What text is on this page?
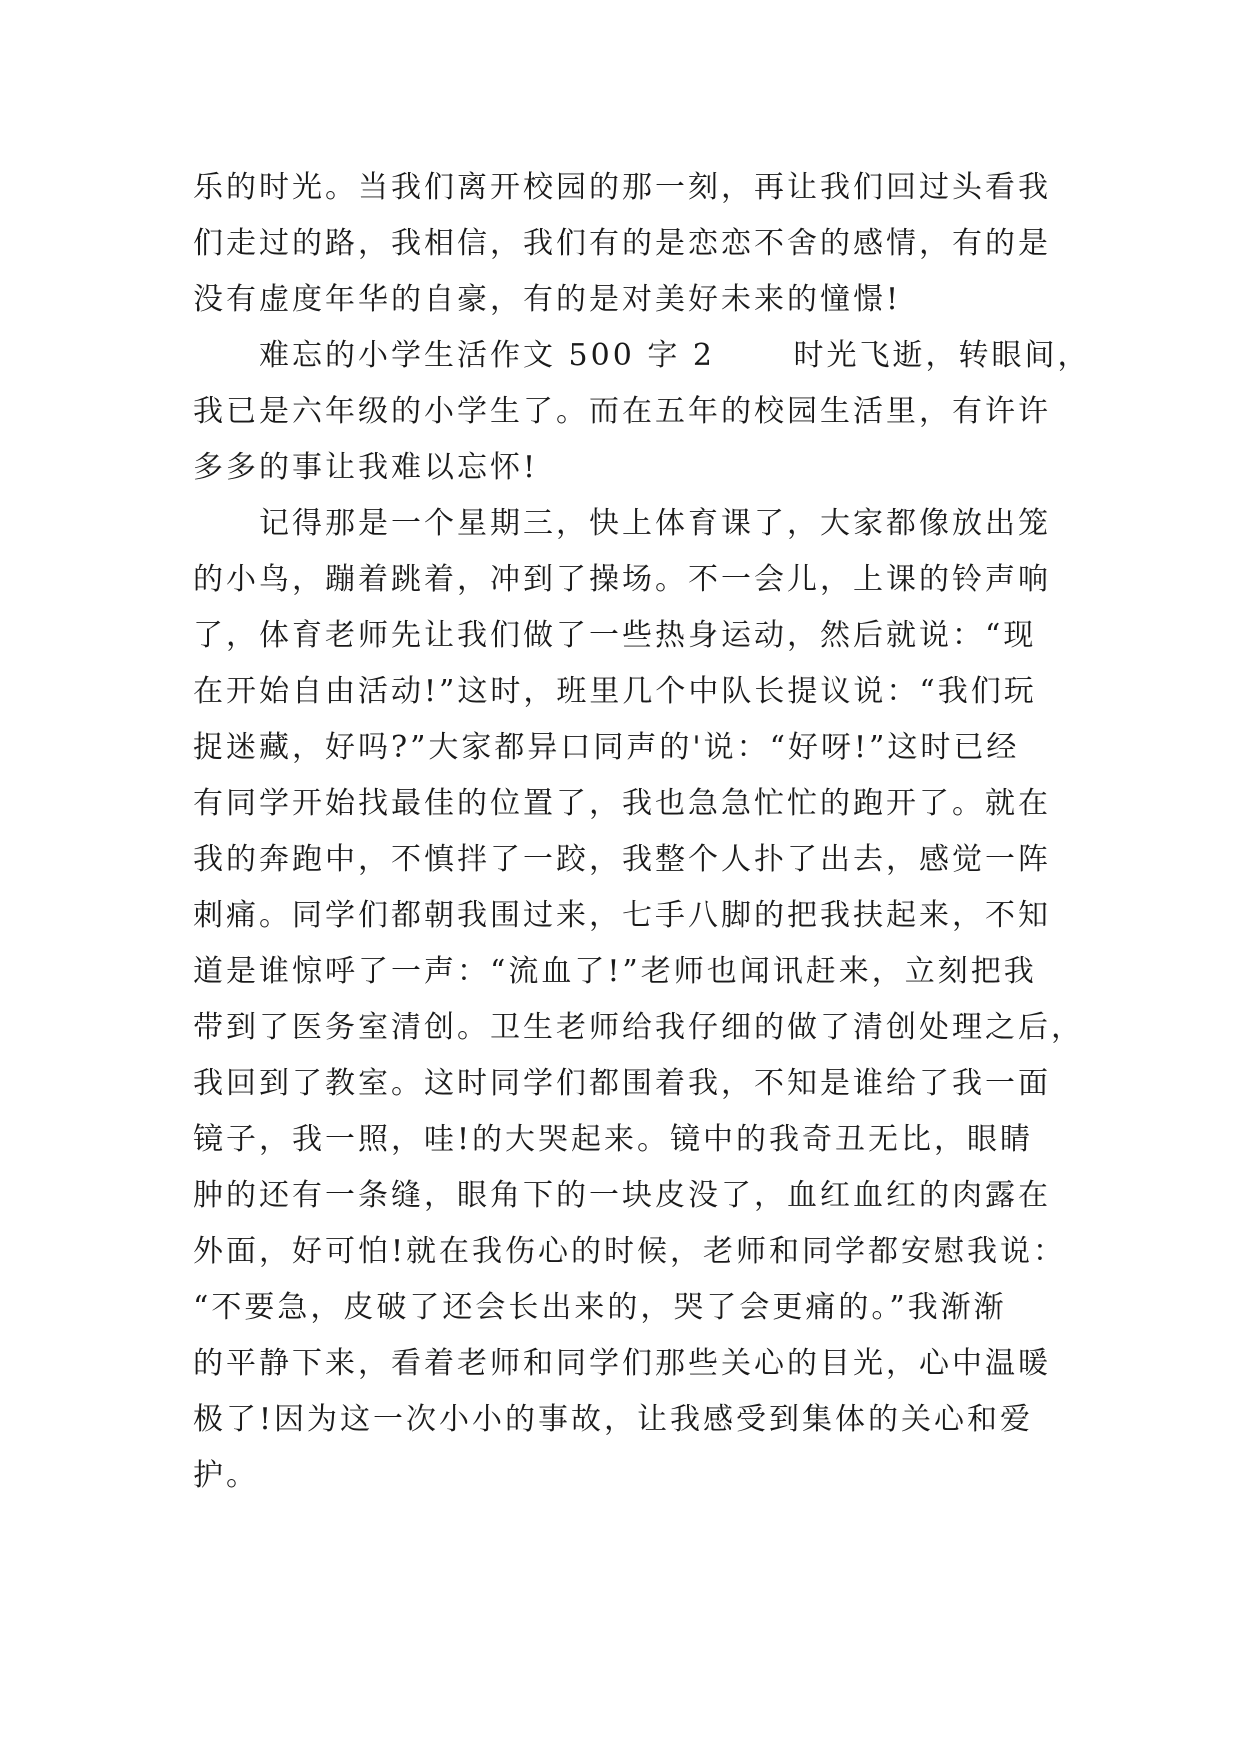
乐的时光。当我们离开校园的那一刻，再让我们回过头看我
们走过的路，我相信，我们有的是恋恋不舍的感情，有的是
没有虚度年华的自豪，有的是对美好未来的憧憬!

　　难忘的小学生活作文 500 字 2　　 时光飞逝，转眼间，
我已是六年级的小学生了。而在五年的校园生活里，有许许
多多的事让我难以忘怀!

　　记得那是一个星期三，快上体育课了，大家都像放出笼
的小鸟，蹦着跳着，冲到了操场。不一会儿，上课的铃声响
了，体育老师先让我们做了一些热身运动，然后就说：“现
在开始自由活动!”这时，班里几个中队长提议说：“我们玩
捉迷藏，好吗?”大家都异口同声的'说：“好呀!”这时已经
有同学开始找最佳的位置了，我也急急忙忙的跑开了。就在
我的奔跑中，不慎拌了一跤，我整个人扑了出去，感觉一阵
刺痛。同学们都朝我围过来，七手八脚的把我扶起来，不知
道是谁惊呼了一声：“流血了!”老师也闻讯赶来，立刻把我
带到了医务室清创。卫生老师给我仔细的做了清创处理之后，
我回到了教室。这时同学们都围着我，不知是谁给了我一面
镜子，我一照，哇!的大哭起来。镜中的我奇丑无比，眼睛
肿的还有一条缝，眼角下的一块皮没了，血红血红的肉露在
外面，好可怕!就在我伤心的时候，老师和同学都安慰我说：
“不要急，皮破了还会长出来的，哭了会更痛的。”我渐渐
的平静下来，看着老师和同学们那些关心的目光，心中温暖
极了!因为这一次小小的事故，让我感受到集体的关心和爱
护。
